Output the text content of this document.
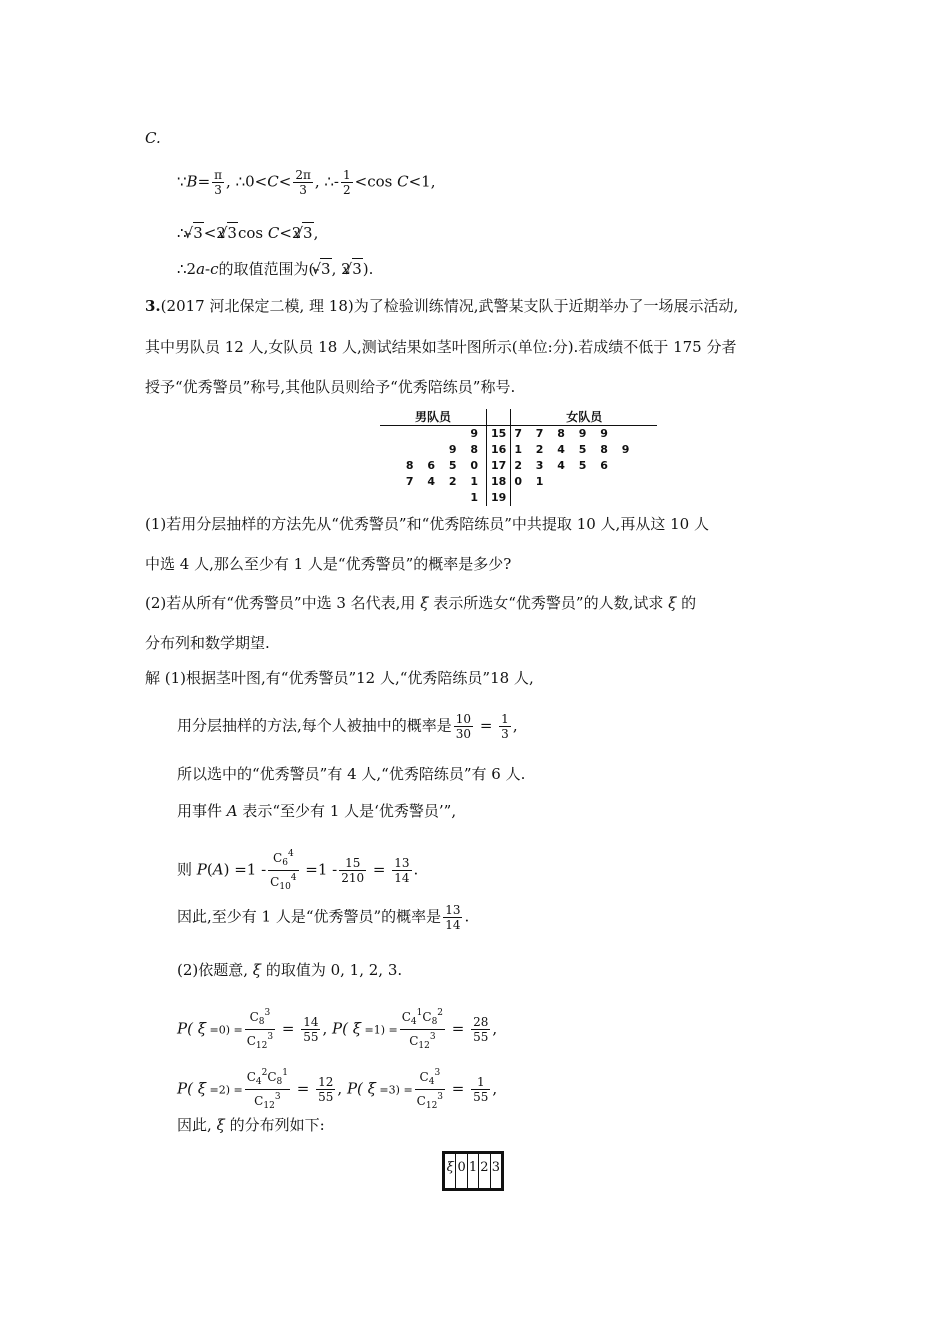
C.
∵B= $\frac{\pi}{3}$ , ∴0<C< $\frac{2\pi}{3}$ , ∴- $\frac{1}{2} <\cos$ C<1,
∴- √ 3<2 √ 3cos C<2 √ 3,
∴2a-c的取值范围为(- √ 3, 2 √ 3).
3.(2017 河北保定二模, 理 18)为了检验训练情况,武警某支队于近期举办了一场展示活动,
其中男队员 12 人,女队员 18 人,测试结果如茎叶图所示(单位:分).若成绩不低于 175 分者
授予“优秀警员”称号,其他队员则给予“优秀陪练员”称号.
男队员		女队员
9	15	7 7 8 9 9
9 8	16	1 2 4 5 8 9
8 6 5 0	17	2 3 4 5 6
7 4 2 1	18	0 1
1	19	
(1)若用分层抽样的方法先从“优秀警员”和“优秀陪练员”中共提取 10 人,再从这 10 人
中选 4 人,那么至少有 1 人是“优秀警员”的概率是多少?
(2)若从所有“优秀警员”中选 3 名代表,用 ξ 表示所选女“优秀警员”的人数,试求 ξ 的
分布列和数学期望.
解 (1)根据茎叶图,有“优秀警员”12 人,“优秀陪练员”18 人,
用分层抽样的方法,每个人被抽中的概率是 $\frac{10}{30} = \frac{1}{3}$ ,
所以选中的“优秀警员”有 4 人,“优秀陪练员”有 6 人.
用事件 A 表示“至少有 1 人是‘优秀警员’”,
则 $P(A) =1 - \frac{C_6^4}{C_{10}^4} =1 - \frac{15}{210} = \frac{13}{14}$ .
因此,至少有 1 人是“优秀警员”的概率是 $\frac{13}{14}$ .
(2)依题意, ξ 的取值为 0, 1, 2, 3.
P( $\xi =0) = \frac{C_8^3}{C_{12}^3} = \frac{14}{55}$ , P( $\xi =1) = \frac{C_4^1C_8^2}{C_{12}^3} = \frac{28}{55}$ ,
P( $\xi =2) = \frac{C_4^2C_8^1}{C_{12}^3} = \frac{12}{55}$ , P( $\xi =3) = \frac{C_4^3}{C_{12}^3} = \frac{1}{55}$ ,
因此, ξ 的分布列如下:
ξ 0 1 2 3
